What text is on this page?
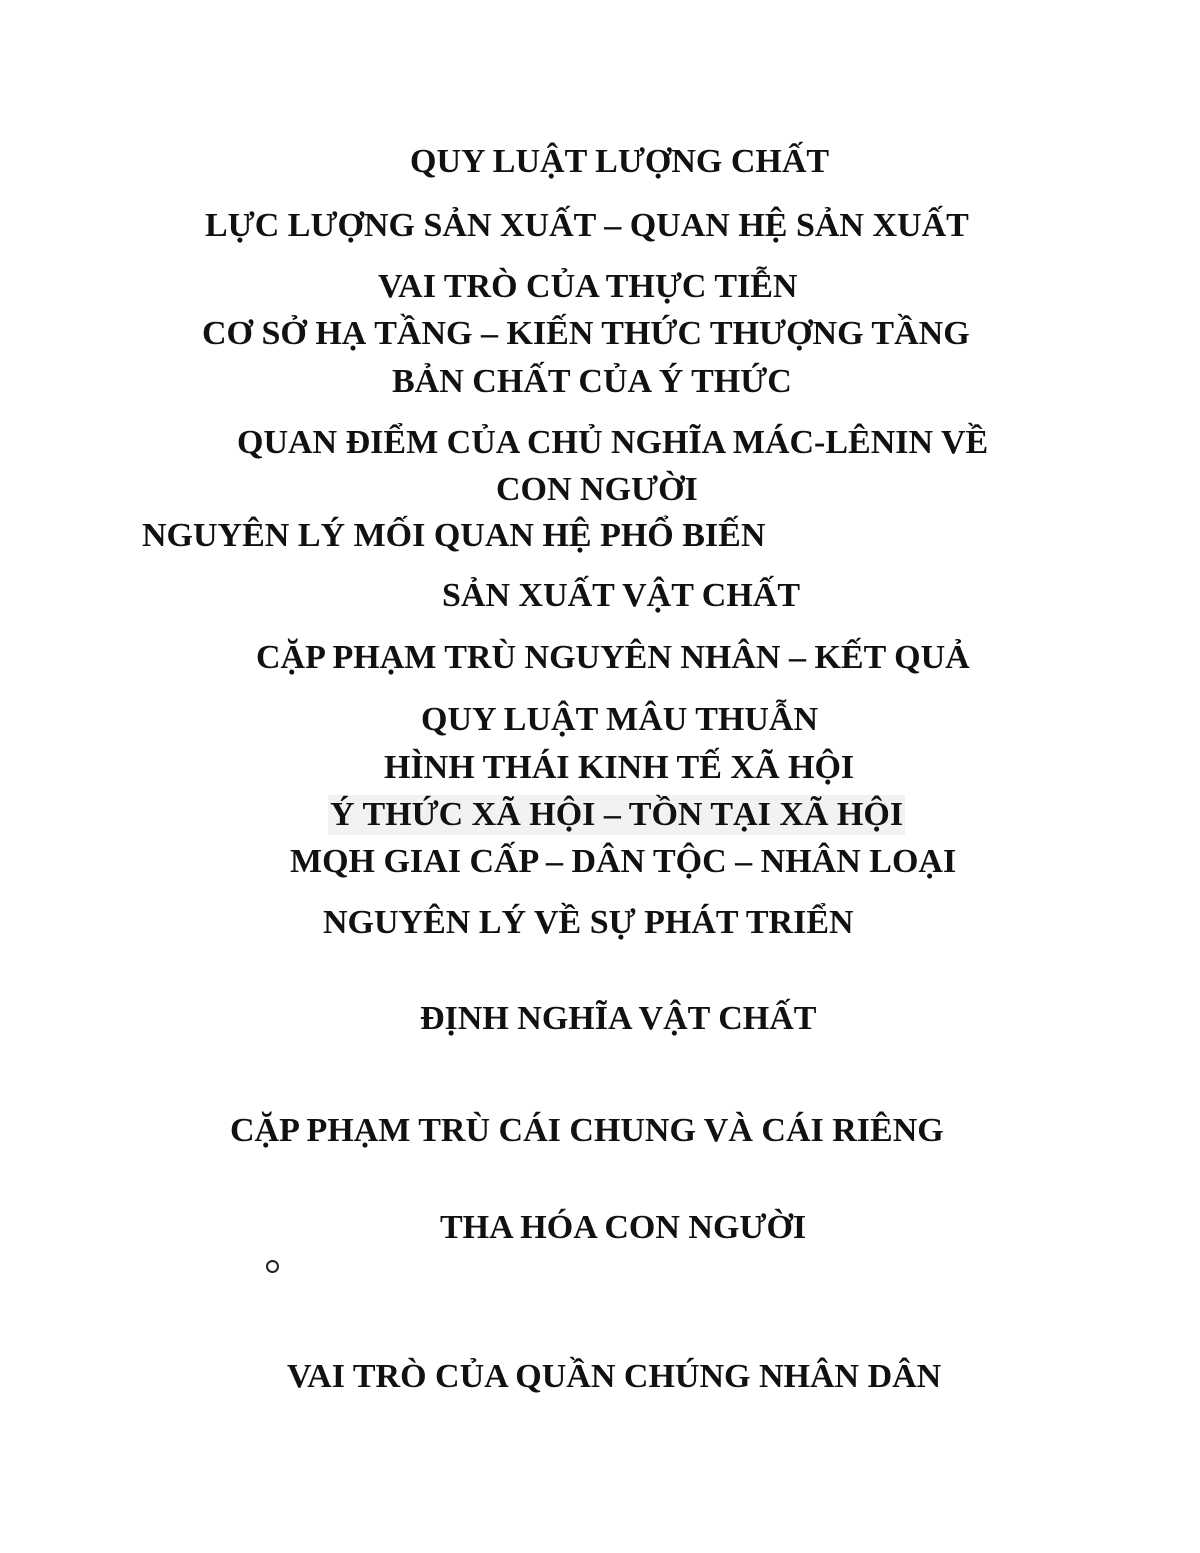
QUY LUẬT LƯỢNG CHẤT
LỰC LƯỢNG SẢN XUẤT – QUAN HỆ SẢN XUẤT
VAI TRÒ CỦA THỰC TIỄN
CƠ SỞ HẠ TẦNG – KIẾN THỨC THƯỢNG TẦNG
BẢN CHẤT CỦA Ý THỨC
QUAN ĐIỂM CỦA CHỦ NGHĨA MÁC-LÊNIN VỀ
CON NGƯỜI
NGUYÊN LÝ MỐI QUAN HỆ PHỔ BIẾN
SẢN XUẤT VẬT CHẤT
CẶP PHẠM TRÙ NGUYÊN NHÂN – KẾT QUẢ
QUY LUẬT MÂU THUẪN
HÌNH THÁI KINH TẾ XÃ HỘI
Ý THỨC XÃ HỘI – TỒN TẠI XÃ HỘI
MQH GIAI CẤP – DÂN TỘC – NHÂN LOẠI
NGUYÊN LÝ VỀ SỰ PHÁT TRIỂN
ĐỊNH NGHĨA VẬT CHẤT
CẶP PHẠM TRÙ CÁI CHUNG VÀ CÁI RIÊNG
THA HÓA CON NGƯỜI
VAI TRÒ CỦA QUẦN CHÚNG NHÂN DÂN
